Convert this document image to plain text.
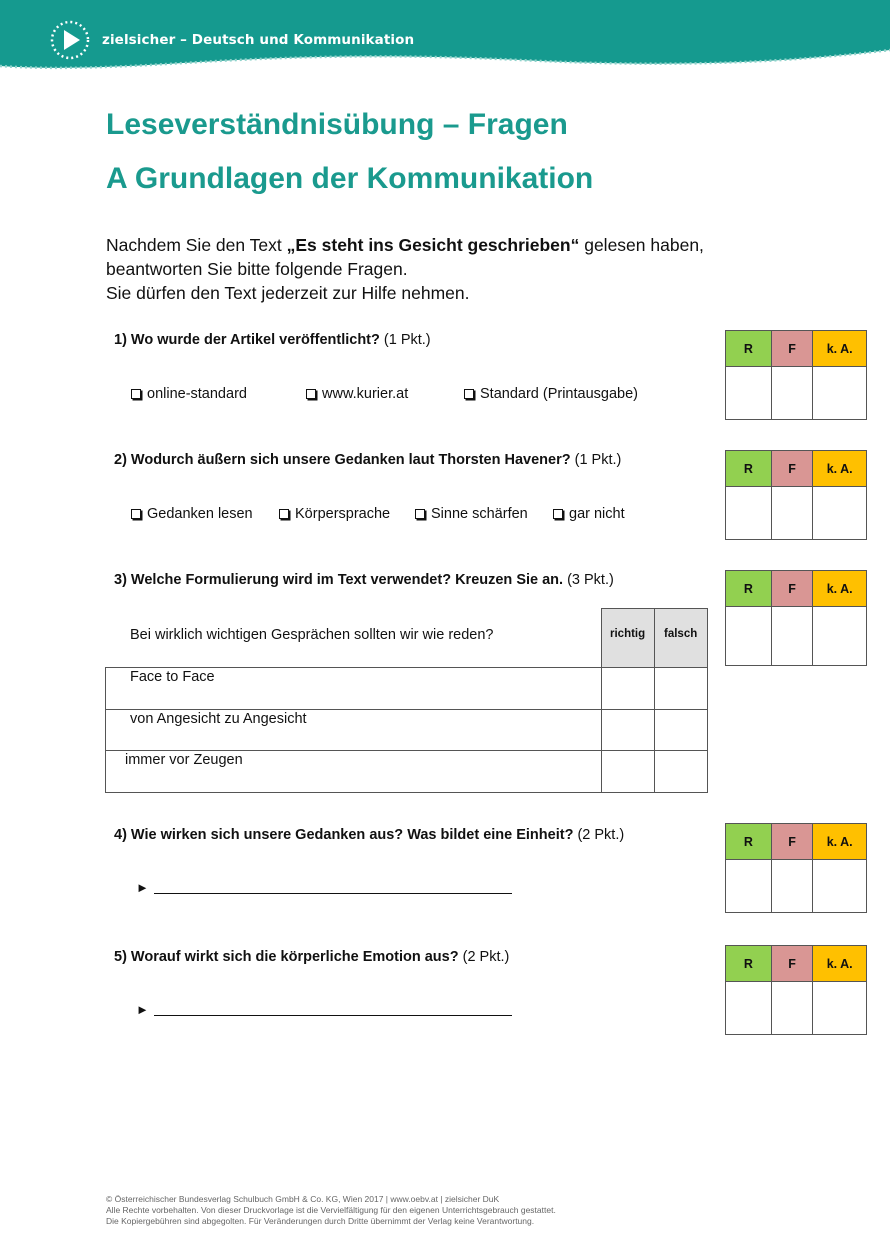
zielsicher – Deutsch und Kommunikation
Leseverständnisübung – Fragen
A Grundlagen der Kommunikation
Nachdem Sie den Text „Es steht ins Gesicht geschrieben“ gelesen haben,
beantworten Sie bitte folgende Fragen.
Sie dürfen den Text jederzeit zur Hilfe nehmen.
1) Wo wurde der Artikel veröffentlicht? (1 Pkt.)
online-standard	www.kurier.at	Standard (Printausgabe)
R	F	k. A.

2) Wodurch äußern sich unsere Gedanken laut Thorsten Havener? (1 Pkt.)
Gedanken lesen	Körpersprache	Sinne schärfen	gar nicht
R	F	k. A.

3) Welche Formulierung wird im Text verwendet? Kreuzen Sie an. (3 Pkt.)
R	F	k. A.

Bei wirklich wichtigen Gesprächen sollten wir wie reden?	richtig falsch
Face to Face
von Angesicht zu Angesicht
immer vor Zeugen
4) Wie wirken sich unsere Gedanken aus? Was bildet eine Einheit? (2 Pkt.)
►
R	F	k. A.

5) Worauf wirkt sich die körperliche Emotion aus? (2 Pkt.)
►
R	F	k. A.

© Österreichischer Bundesverlag Schulbuch GmbH & Co. KG, Wien 2017 | www.oebv.at | zielsicher DuK
Alle Rechte vorbehalten. Von dieser Druckvorlage ist die Vervielfältigung für den eigenen Unterrichtsgebrauch gestattet.
Die Kopiergebühren sind abgegolten. Für Veränderungen durch Dritte übernimmt der Verlag keine Verantwortung.
